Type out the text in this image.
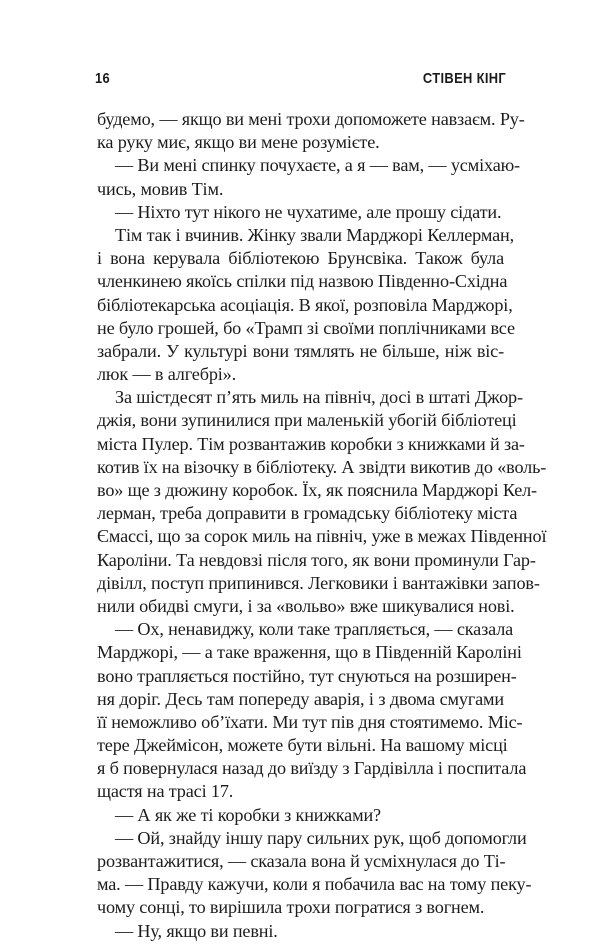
16	СТІВЕН КІНГ
будемо, — якщо ви мені трохи допоможете навзаєм. Ру-
ка руку миє, якщо ви мене розумієте.
— Ви мені спинку почухаєте, а я — вам, — усміхаю-
чись, мовив Тім.
— Ніхто тут нікого не чухатиме, але прошу сідати.
Тім так і вчинив. Жінку звали Марджорі Келлерман,
і вона керувала бібліотекою Брунсвіка. Також була
членкинею якоїсь спілки під назвою Південно-Східна
бібліотекарська асоціація. В якої, розповіла Марджорі,
не було грошей, бо «Трамп зі своїми поплічниками все
забрали. У культурі вони тямлять не більше, ніж віс-
люк — в алгебрі».
За шістдесят п’ять миль на північ, досі в штаті Джор-
джія, вони зупинилися при маленькій убогій бібліотеці
міста Пулер. Тім розвантажив коробки з книжками й за-
котив їх на візочку в бібліотеку. А звідти викотив до «воль-
во» ще з дюжину коробок. Їх, як пояснила Марджорі Кел-
лерман, треба доправити в громадську бібліотеку міста
Ємассі, що за сорок миль на північ, уже в межах Південної
Кароліни. Та невдовзі після того, як вони проминули Гар-
дівілл, поступ припинився. Легковики і вантажівки запов-
нили обидві смуги, і за «вольво» вже шикувалися нові.
— Ох, ненавиджу, коли таке трапляється, — сказала
Марджорі, — а таке враження, що в Південній Кароліні
воно трапляється постійно, тут снуються на розширен-
ня доріг. Десь там попереду аварія, і з двома смугами
її неможливо об’їхати. Ми тут пів дня стоятимемо. Міс-
тере Джеймісон, можете бути вільні. На вашому місці
я б повернулася назад до виїзду з Гардівілла і поспитала
щастя на трасі 17.
— А як же ті коробки з книжками?
— Ой, знайду іншу пару сильних рук, щоб допомогли
розвантажитися, — сказала вона й усміхнулася до Ті-
ма. — Правду кажучи, коли я побачила вас на тому пеку-
чому сонці, то вирішила трохи погратися з вогнем.
— Ну, якщо ви певні.
